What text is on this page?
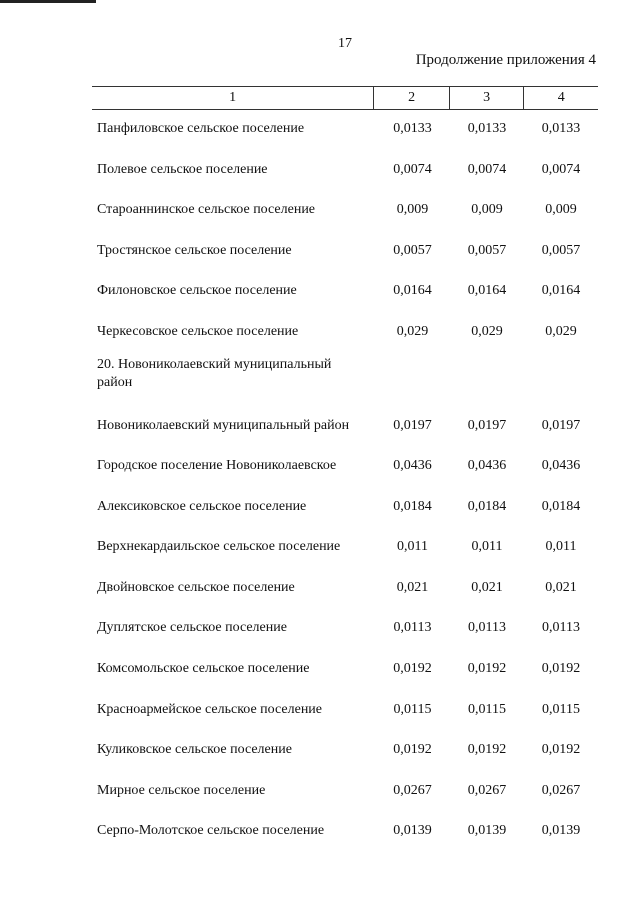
17
Продолжение приложения 4
1	2	3	4
Панфиловское сельское поселение	0,0133	0,0133	0,0133
Полевое сельское поселение	0,0074	0,0074	0,0074
Староаннинское сельское поселение	0,009	0,009	0,009
Тростянское сельское поселение	0,0057	0,0057	0,0057
Филоновское сельское поселение	0,0164	0,0164	0,0164
Черкесовское сельское поселение	0,029	0,029	0,029
20. Новониколаевский муниципальный
район
Новониколаевский муниципальный район	0,0197	0,0197	0,0197
Городское поселение Новониколаевское	0,0436	0,0436	0,0436
Алексиковское сельское поселение	0,0184	0,0184	0,0184
Верхнекардаильское сельское поселение	0,011	0,011	0,011
Двойновское сельское поселение	0,021	0,021	0,021
Дуплятское сельское поселение	0,0113	0,0113	0,0113
Комсомольское сельское поселение	0,0192	0,0192	0,0192
Красноармейское сельское поселение	0,0115	0,0115	0,0115
Куликовское сельское поселение	0,0192	0,0192	0,0192
Мирное сельское поселение	0,0267	0,0267	0,0267
Серпо-Молотское сельское поселение	0,0139	0,0139	0,0139
